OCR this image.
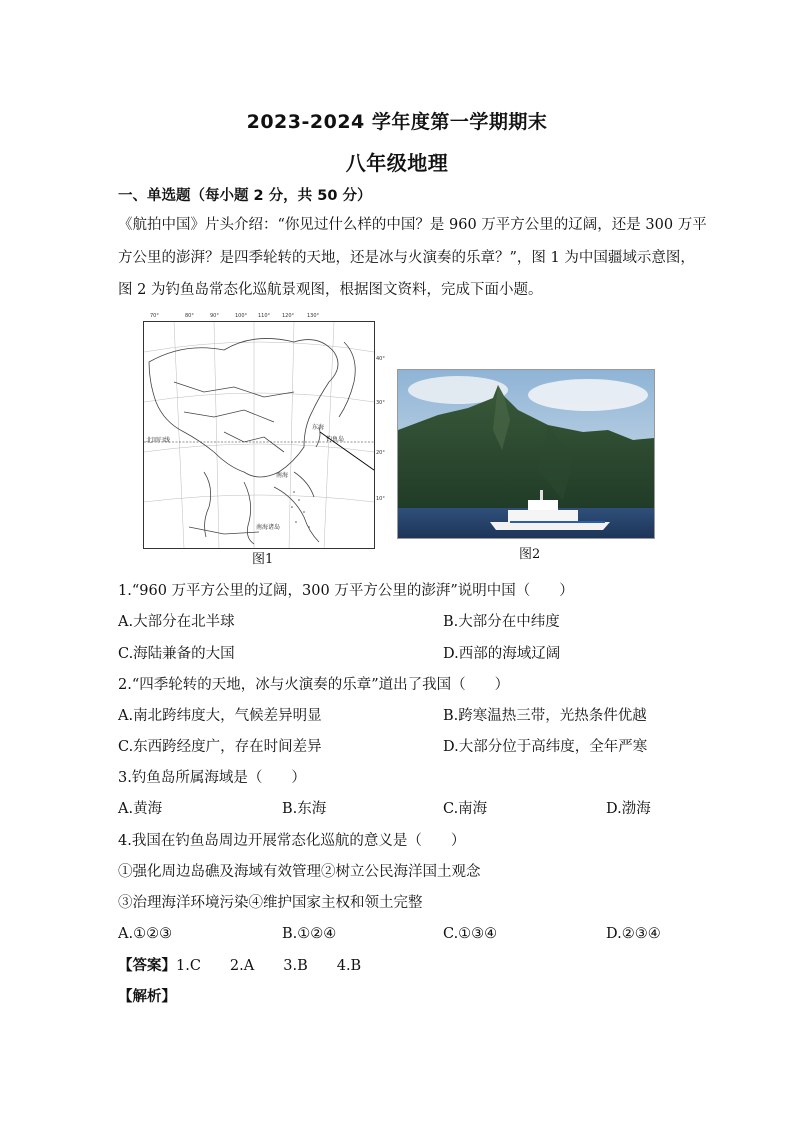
2023-2024 学年度第一学期期末
八年级地理
一、单选题（每小题 2 分，共 50 分）
《航拍中国》片头介绍：“你见过什么样的中国？是 960 万平方公里的辽阔，还是 300 万平
方公里的澎湃？是四季轮转的天地，还是冰与火演奏的乐章？”，图 1 为中国疆域示意图，
图 2 为钓鱼岛常态化巡航景观图，根据图文资料，完成下面小题。
东海
钓鱼岛
南海
北回归线
南海诸岛
70°	80°	90°	100° 110° 120°	130°
40°
30°
20°
10°
图1	图2
1.“960 万平方公里的辽阔，300 万平方公里的澎湃”说明中国（　　）
A.大部分在北半球	B.大部分在中纬度
C.海陆兼备的大国	D.西部的海域辽阔
2.“四季轮转的天地，冰与火演奏的乐章”道出了我国（　　）
A.南北跨纬度大，气候差异明显	B.跨寒温热三带，光热条件优越
C.东西跨经度广，存在时间差异	D.大部分位于高纬度，全年严寒
3.钓鱼岛所属海域是（　　）
A.黄海	B.东海	C.南海	D.渤海
4.我国在钓鱼岛周边开展常态化巡航的意义是（　　）
①强化周边岛礁及海域有效管理②树立公民海洋国土观念
③治理海洋环境污染④维护国家主权和领土完整
A.①②③	B.①②④	C.①③④	D.②③④
【答案】1.C　　2.A　　3.B　　4.B
【解析】
